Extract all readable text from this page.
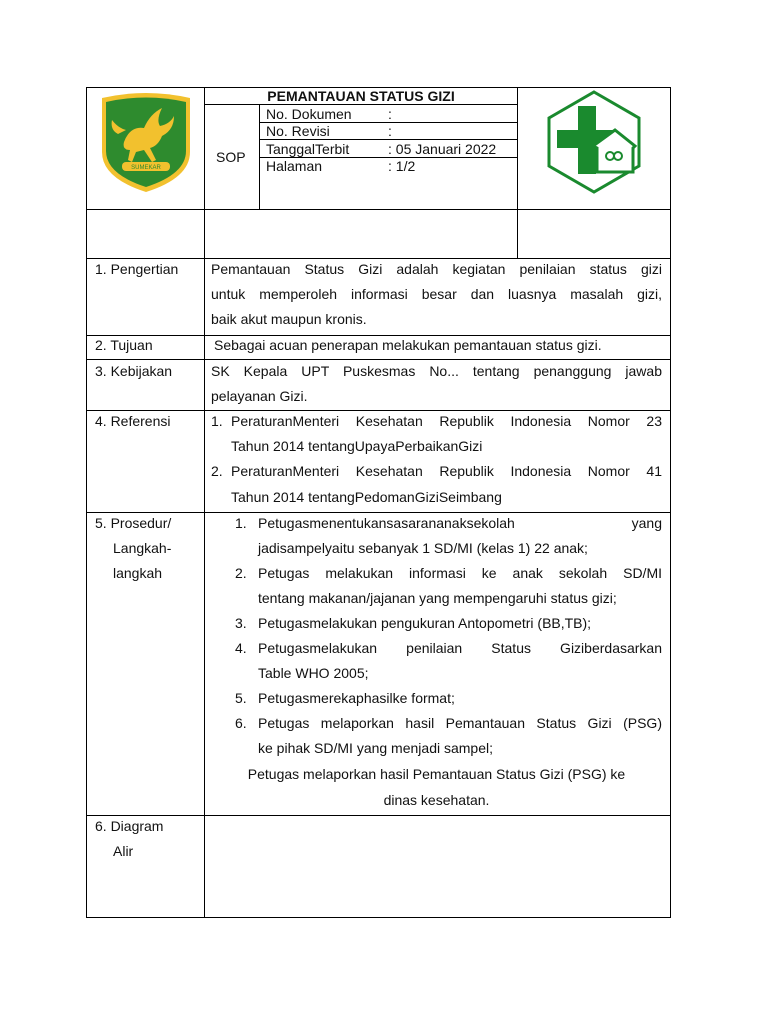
SUMEKAR
PEMANTAUAN STATUS GIZI
SOP
No. Dokumen	:
No. Revisi	:
TanggalTerbit	: 05 Januari 2022
Halaman	: 1/2
1. Pengertian Pemantauan Status Gizi adalah kegiatan penilaian status gizi
untuk memperoleh informasi besar dan luasnya masalah gizi,
baik akut maupun kronis.
2. Tujuan	Sebagai acuan penerapan melakukan pemantauan status gizi.
3. Kebijakan	SK Kepala UPT Puskesmas No... tentang penanggung jawab
pelayanan Gizi.
4. Referensi	1. PeraturanMenteri Kesehatan Republik Indonesia Nomor 23
Tahun 2014 tentangUpayaPerbaikanGizi
2. PeraturanMenteri Kesehatan Republik Indonesia Nomor 41
Tahun 2014 tentangPedomanGiziSeimbang
5. Prosedur/
Langkah-
langkah
1. Petugasmenentukansasarananaksekolah yang
jadisampelyaitu sebanyak 1 SD/MI (kelas 1) 22 anak;
2. Petugas melakukan informasi ke anak sekolah SD/MI
tentang makanan/jajanan yang mempengaruhi status gizi;
3. Petugasmelakukan pengukuran Antopometri (BB,TB);
4. Petugasmelakukan penilaian Status Giziberdasarkan
Table WHO 2005;
5. Petugasmerekaphasilke format;
6. Petugas melaporkan hasil Pemantauan Status Gizi (PSG)
ke pihak SD/MI yang menjadi sampel;
Petugas melaporkan hasil Pemantauan Status Gizi (PSG) ke
dinas kesehatan.
6. Diagram
Alir
